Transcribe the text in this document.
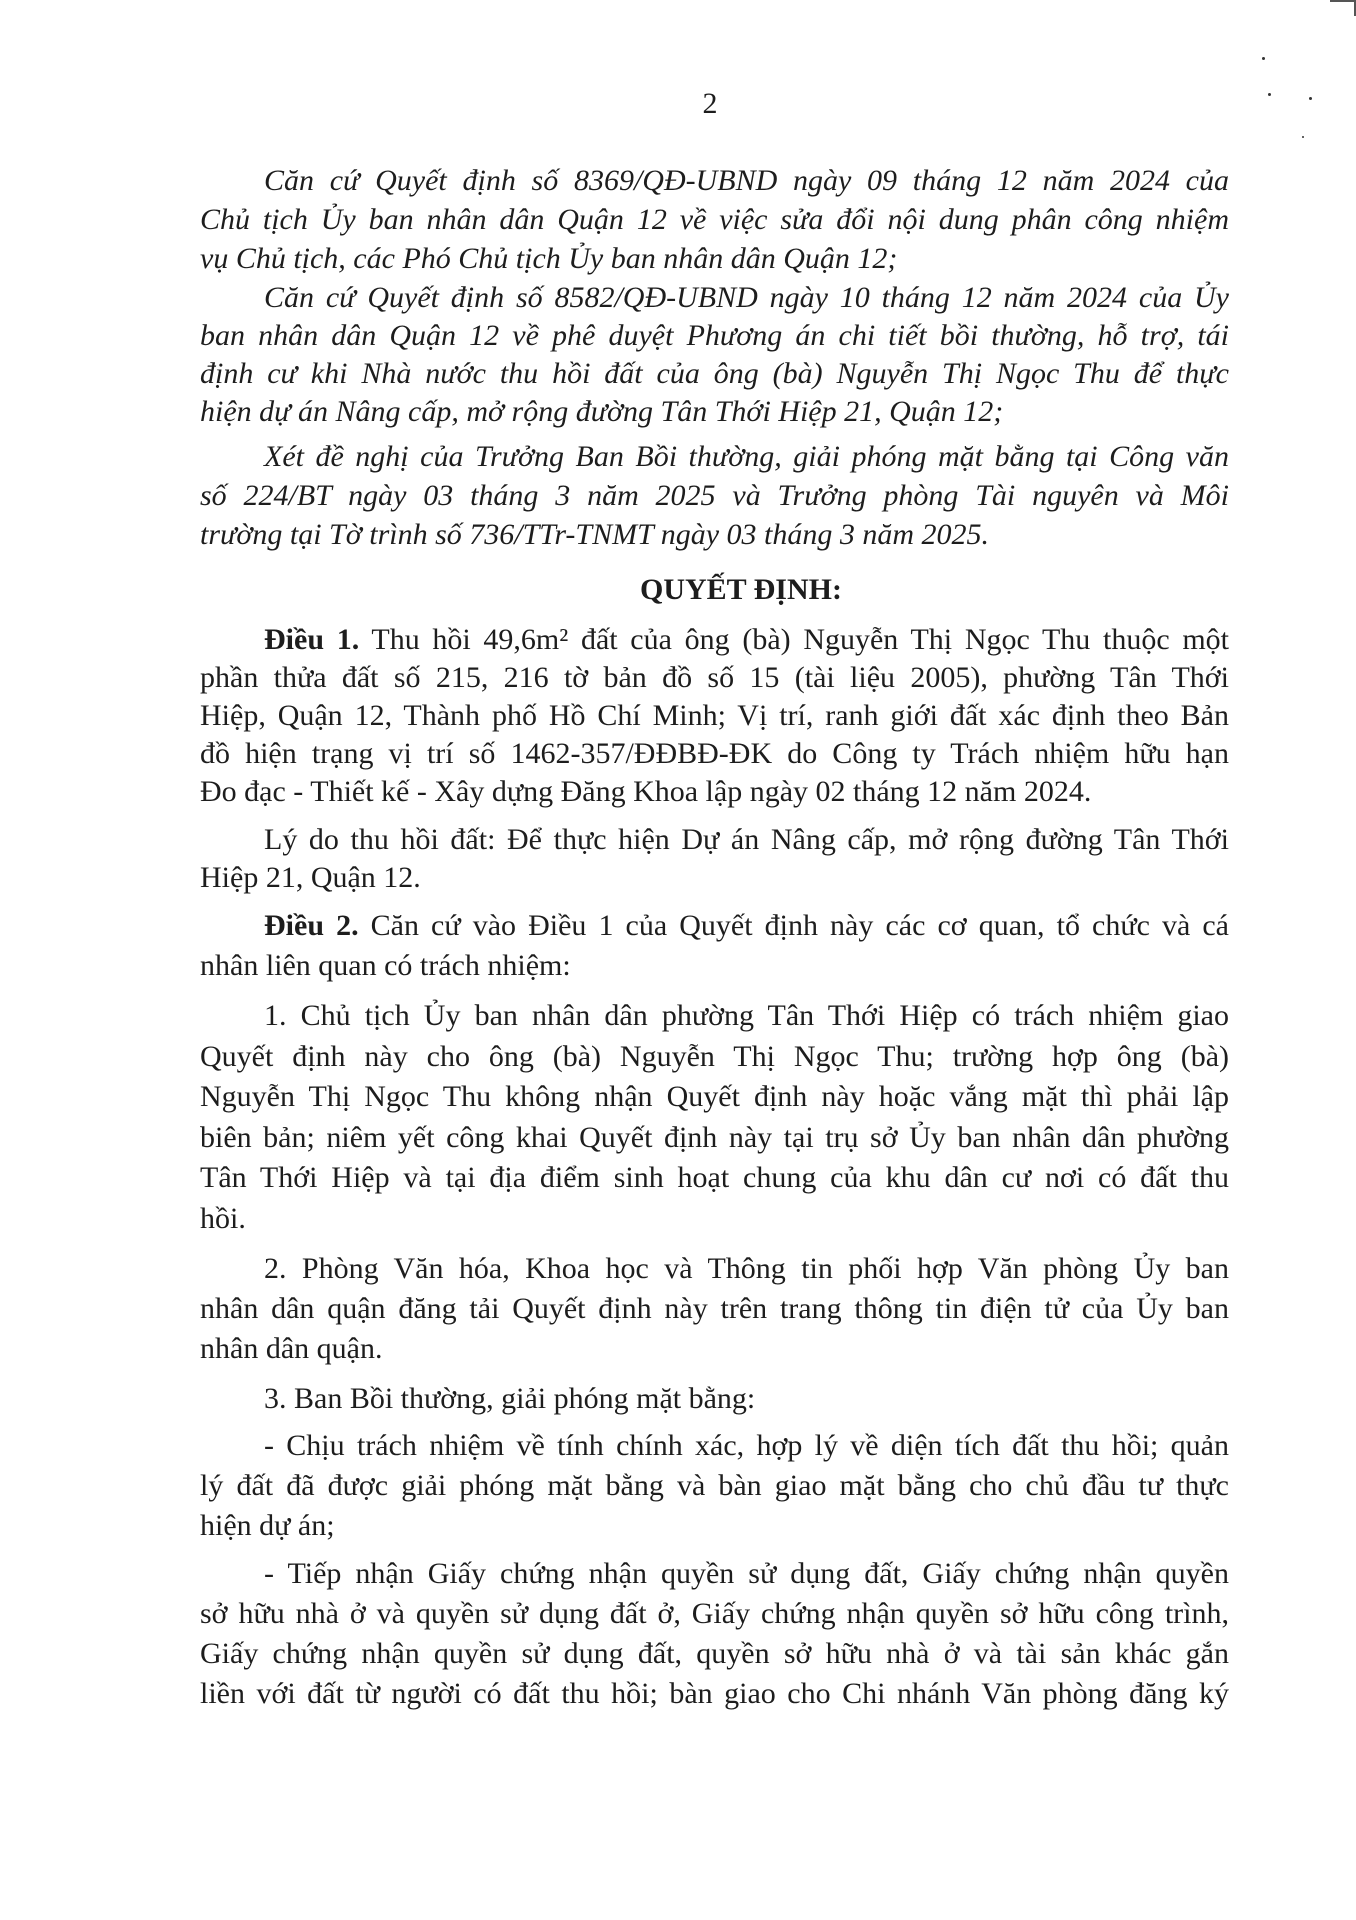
2
Căn cứ Quyết định số 8369/QĐ-UBND ngày 09 tháng 12 năm 2024 của
Chủ tịch Ủy ban nhân dân Quận 12 về việc sửa đổi nội dung phân công nhiệm
vụ Chủ tịch, các Phó Chủ tịch Ủy ban nhân dân Quận 12;
Căn cứ Quyết định số 8582/QĐ-UBND ngày 10 tháng 12 năm 2024 của Ủy
ban nhân dân Quận 12 về phê duyệt Phương án chi tiết bồi thường, hỗ trợ, tái
định cư khi Nhà nước thu hồi đất của ông (bà) Nguyễn Thị Ngọc Thu để thực
hiện dự án Nâng cấp, mở rộng đường Tân Thới Hiệp 21, Quận 12;
Xét đề nghị của Trưởng Ban Bồi thường, giải phóng mặt bằng tại Công văn
số 224/BT ngày 03 tháng 3 năm 2025 và Trưởng phòng Tài nguyên và Môi
trường tại Tờ trình số 736/TTr-TNMT ngày 03 tháng 3 năm 2025.
QUYẾT ĐỊNH:
Điều 1. Thu hồi 49,6m² đất của ông (bà) Nguyễn Thị Ngọc Thu thuộc một
phần thửa đất số 215, 216 tờ bản đồ số 15 (tài liệu 2005), phường Tân Thới
Hiệp, Quận 12, Thành phố Hồ Chí Minh; Vị trí, ranh giới đất xác định theo Bản
đồ hiện trạng vị trí số 1462-357/ĐĐBĐ-ĐK do Công ty Trách nhiệm hữu hạn
Đo đạc - Thiết kế - Xây dựng Đăng Khoa lập ngày 02 tháng 12 năm 2024.
Lý do thu hồi đất: Để thực hiện Dự án Nâng cấp, mở rộng đường Tân Thới
Hiệp 21, Quận 12.
Điều 2. Căn cứ vào Điều 1 của Quyết định này các cơ quan, tổ chức và cá
nhân liên quan có trách nhiệm:
1. Chủ tịch Ủy ban nhân dân phường Tân Thới Hiệp có trách nhiệm giao
Quyết định này cho ông (bà) Nguyễn Thị Ngọc Thu; trường hợp ông (bà)
Nguyễn Thị Ngọc Thu không nhận Quyết định này hoặc vắng mặt thì phải lập
biên bản; niêm yết công khai Quyết định này tại trụ sở Ủy ban nhân dân phường
Tân Thới Hiệp và tại địa điểm sinh hoạt chung của khu dân cư nơi có đất thu
hồi.
2. Phòng Văn hóa, Khoa học và Thông tin phối hợp Văn phòng Ủy ban
nhân dân quận đăng tải Quyết định này trên trang thông tin điện tử của Ủy ban
nhân dân quận.
3. Ban Bồi thường, giải phóng mặt bằng:
- Chịu trách nhiệm về tính chính xác, hợp lý về diện tích đất thu hồi; quản
lý đất đã được giải phóng mặt bằng và bàn giao mặt bằng cho chủ đầu tư thực
hiện dự án;
- Tiếp nhận Giấy chứng nhận quyền sử dụng đất, Giấy chứng nhận quyền
sở hữu nhà ở và quyền sử dụng đất ở, Giấy chứng nhận quyền sở hữu công trình,
Giấy chứng nhận quyền sử dụng đất, quyền sở hữu nhà ở và tài sản khác gắn
liền với đất từ người có đất thu hồi; bàn giao cho Chi nhánh Văn phòng đăng ký
